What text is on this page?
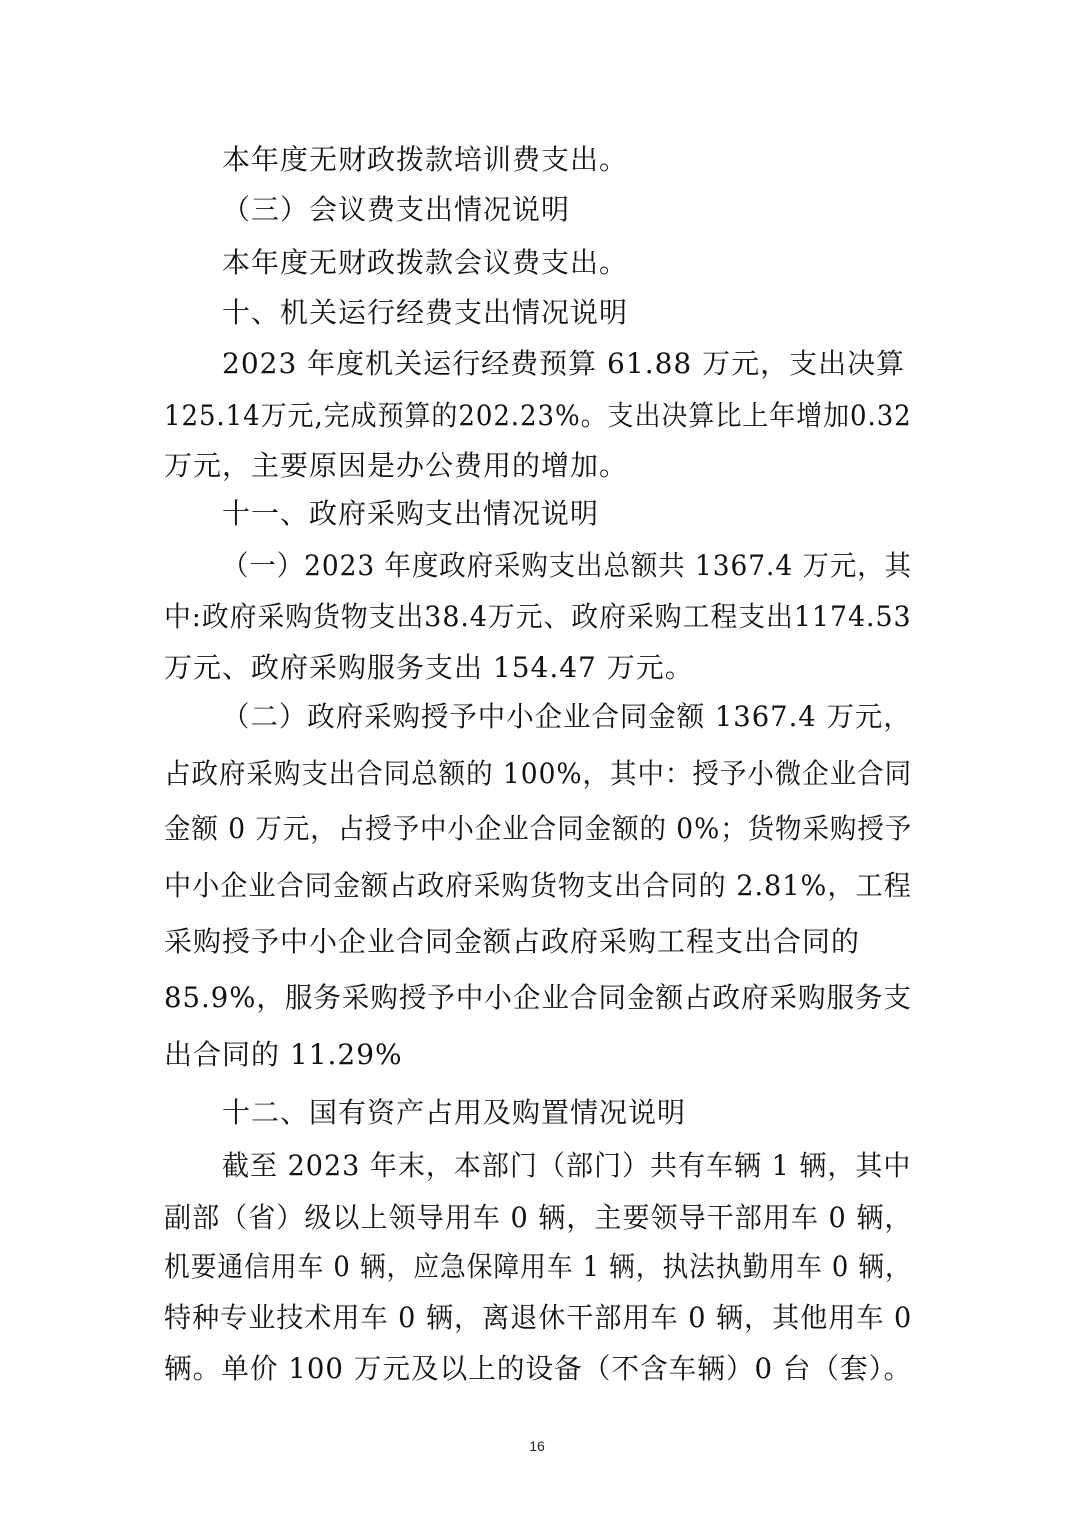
本年度无财政拨款培训费支出。
（三）会议费支出情况说明
本年度无财政拨款会议费支出。
十、机关运行经费支出情况说明
2023 年度机关运行经费预算 61.88 万元，支出决算
125.14万元,完成预算的202.23%。支出决算比上年增加0.32
万元，主要原因是办公费用的增加。
十一、政府采购支出情况说明
（一）2023 年度政府采购支出总额共 1367.4 万元，其
中:政府采购货物支出38.4万元、政府采购工程支出1174.53
万元、政府采购服务支出 154.47 万元。
（二）政府采购授予中小企业合同金额 1367.4 万元，
占政府采购支出合同总额的 100%，其中：授予小微企业合同
金额 0 万元，占授予中小企业合同金额的 0%；货物采购授予
中小企业合同金额占政府采购货物支出合同的 2.81%，工程
采购授予中小企业合同金额占政府采购工程支出合同的
85.9%，服务采购授予中小企业合同金额占政府采购服务支
出合同的 11.29%
十二、国有资产占用及购置情况说明
截至 2023 年末，本部门（部门）共有车辆 1 辆，其中
副部（省）级以上领导用车 0 辆，主要领导干部用车 0 辆，
机要通信用车 0 辆，应急保障用车 1 辆，执法执勤用车 0 辆，
特种专业技术用车 0 辆，离退休干部用车 0 辆，其他用车 0
辆。单价 100 万元及以上的设备（不含车辆）0 台（套）。
16
